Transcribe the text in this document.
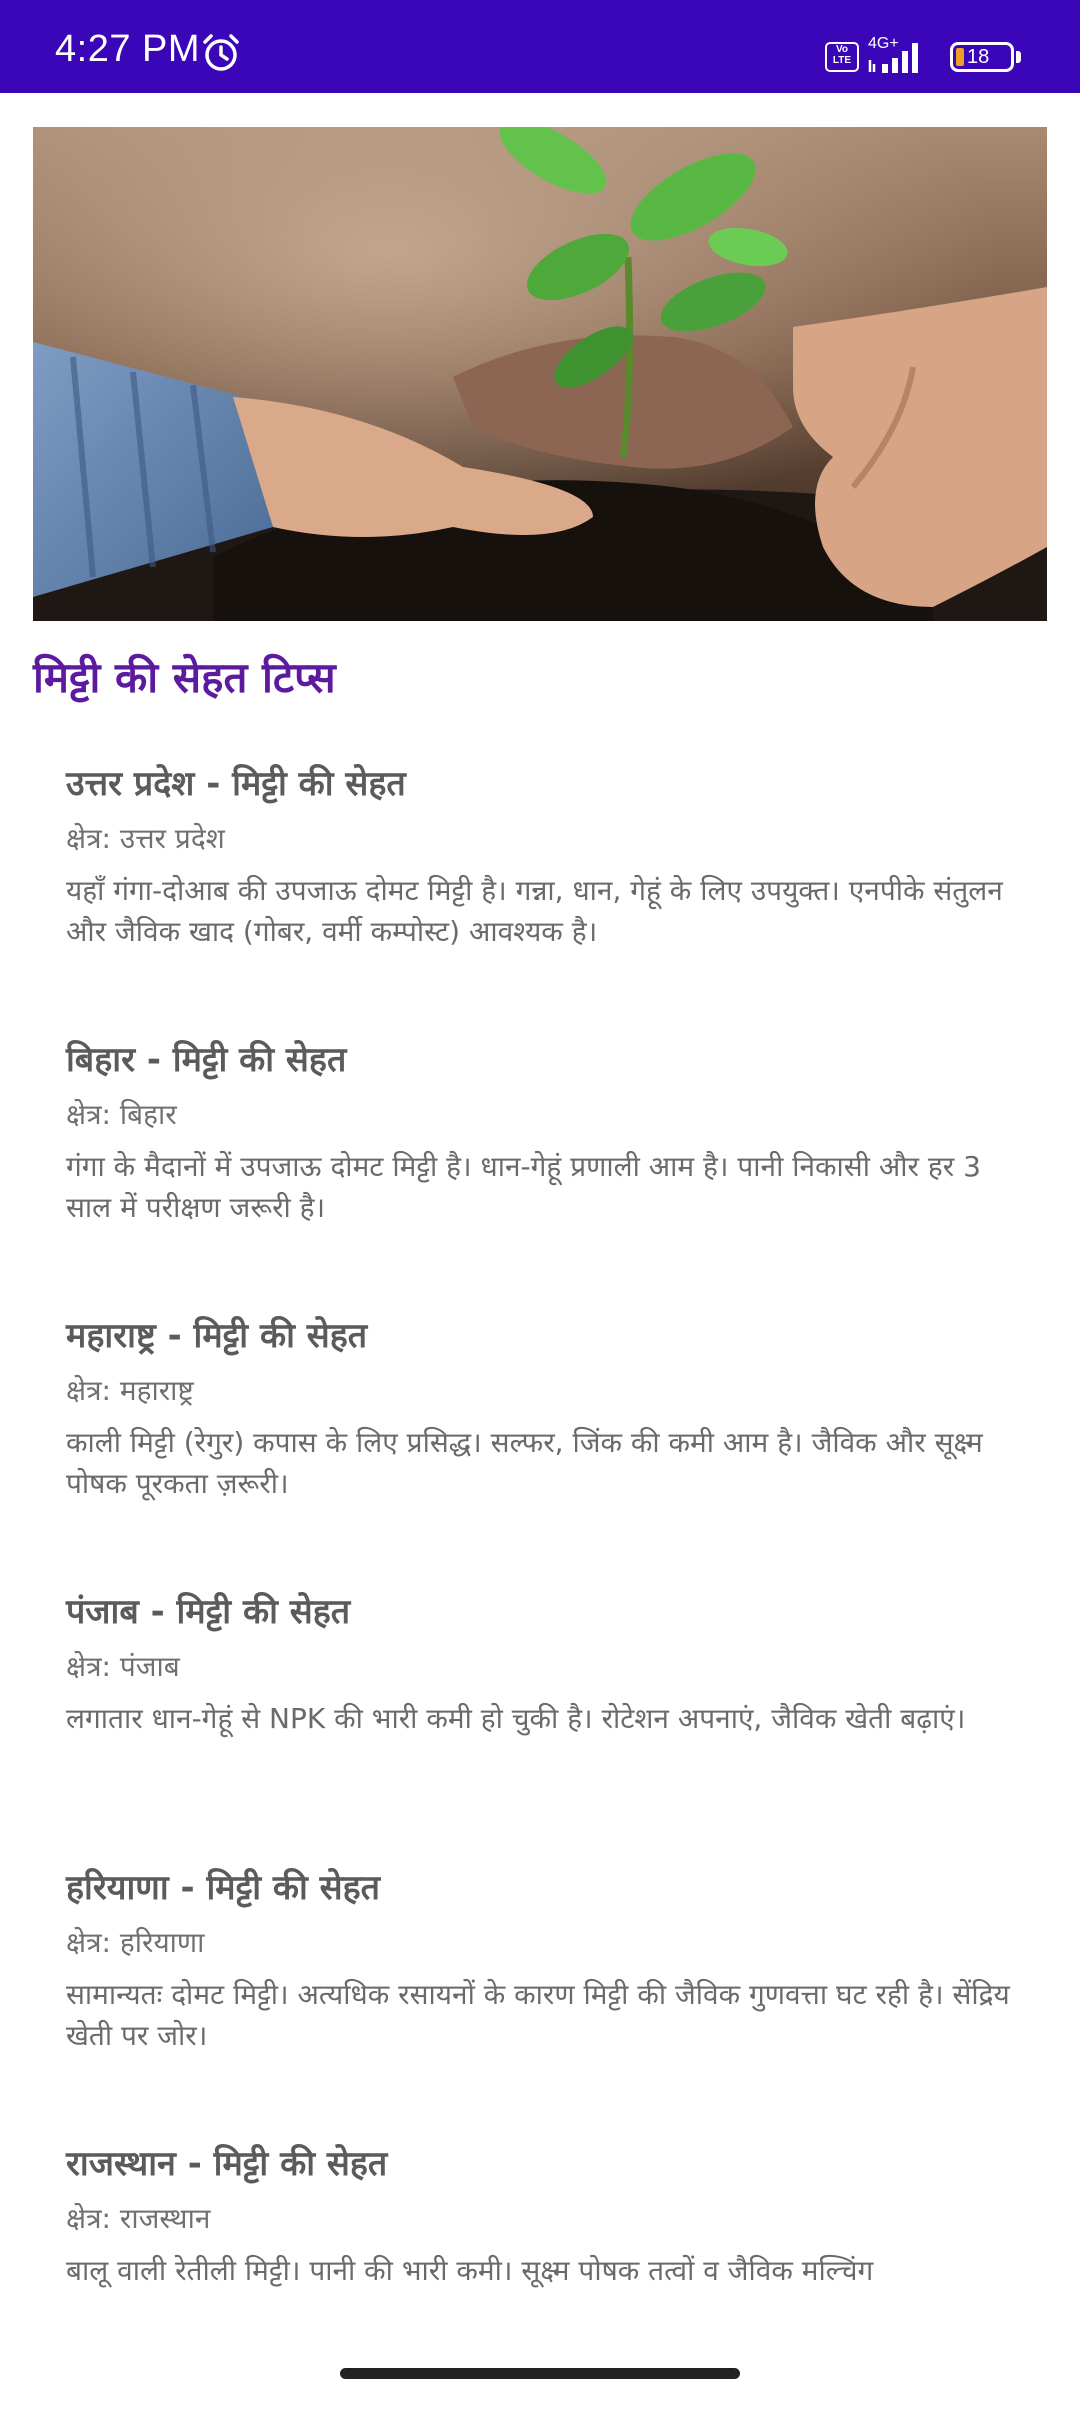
4:27 PM	Vo
LTE
4G+
18
मिट्टी की सेहत टिप्स

उत्तर प्रदेश - मिट्टी की सेहत

क्षेत्र: उत्तर प्रदेश

यहाँ गंगा-दोआब की उपजाऊ दोमट मिट्टी है। गन्ना, धान, गेहूं के लिए उपयुक्त। एनपीके संतुलन और जैविक खाद (गोबर, वर्मी कम्पोस्ट) आवश्यक है।

बिहार - मिट्टी की सेहत

क्षेत्र: बिहार

गंगा के मैदानों में उपजाऊ दोमट मिट्टी है। धान-गेहूं प्रणाली आम है। पानी निकासी और हर 3 साल में परीक्षण जरूरी है।

महाराष्ट्र - मिट्टी की सेहत

क्षेत्र: महाराष्ट्र

काली मिट्टी (रेगुर) कपास के लिए प्रसिद्ध। सल्फर, जिंक की कमी आम है। जैविक और सूक्ष्म पोषक पूरकता ज़रूरी।

पंजाब - मिट्टी की सेहत

क्षेत्र: पंजाब

लगातार धान-गेहूं से NPK की भारी कमी हो चुकी है। रोटेशन अपनाएं, जैविक खेती बढ़ाएं।

हरियाणा - मिट्टी की सेहत

क्षेत्र: हरियाणा

सामान्यतः दोमट मिट्टी। अत्यधिक रसायनों के कारण मिट्टी की जैविक गुणवत्ता घट रही है। सेंद्रिय खेती पर जोर।

राजस्थान - मिट्टी की सेहत

क्षेत्र: राजस्थान

बालू वाली रेतीली मिट्टी। पानी की भारी कमी। सूक्ष्म पोषक तत्वों व जैविक मल्चिंग
